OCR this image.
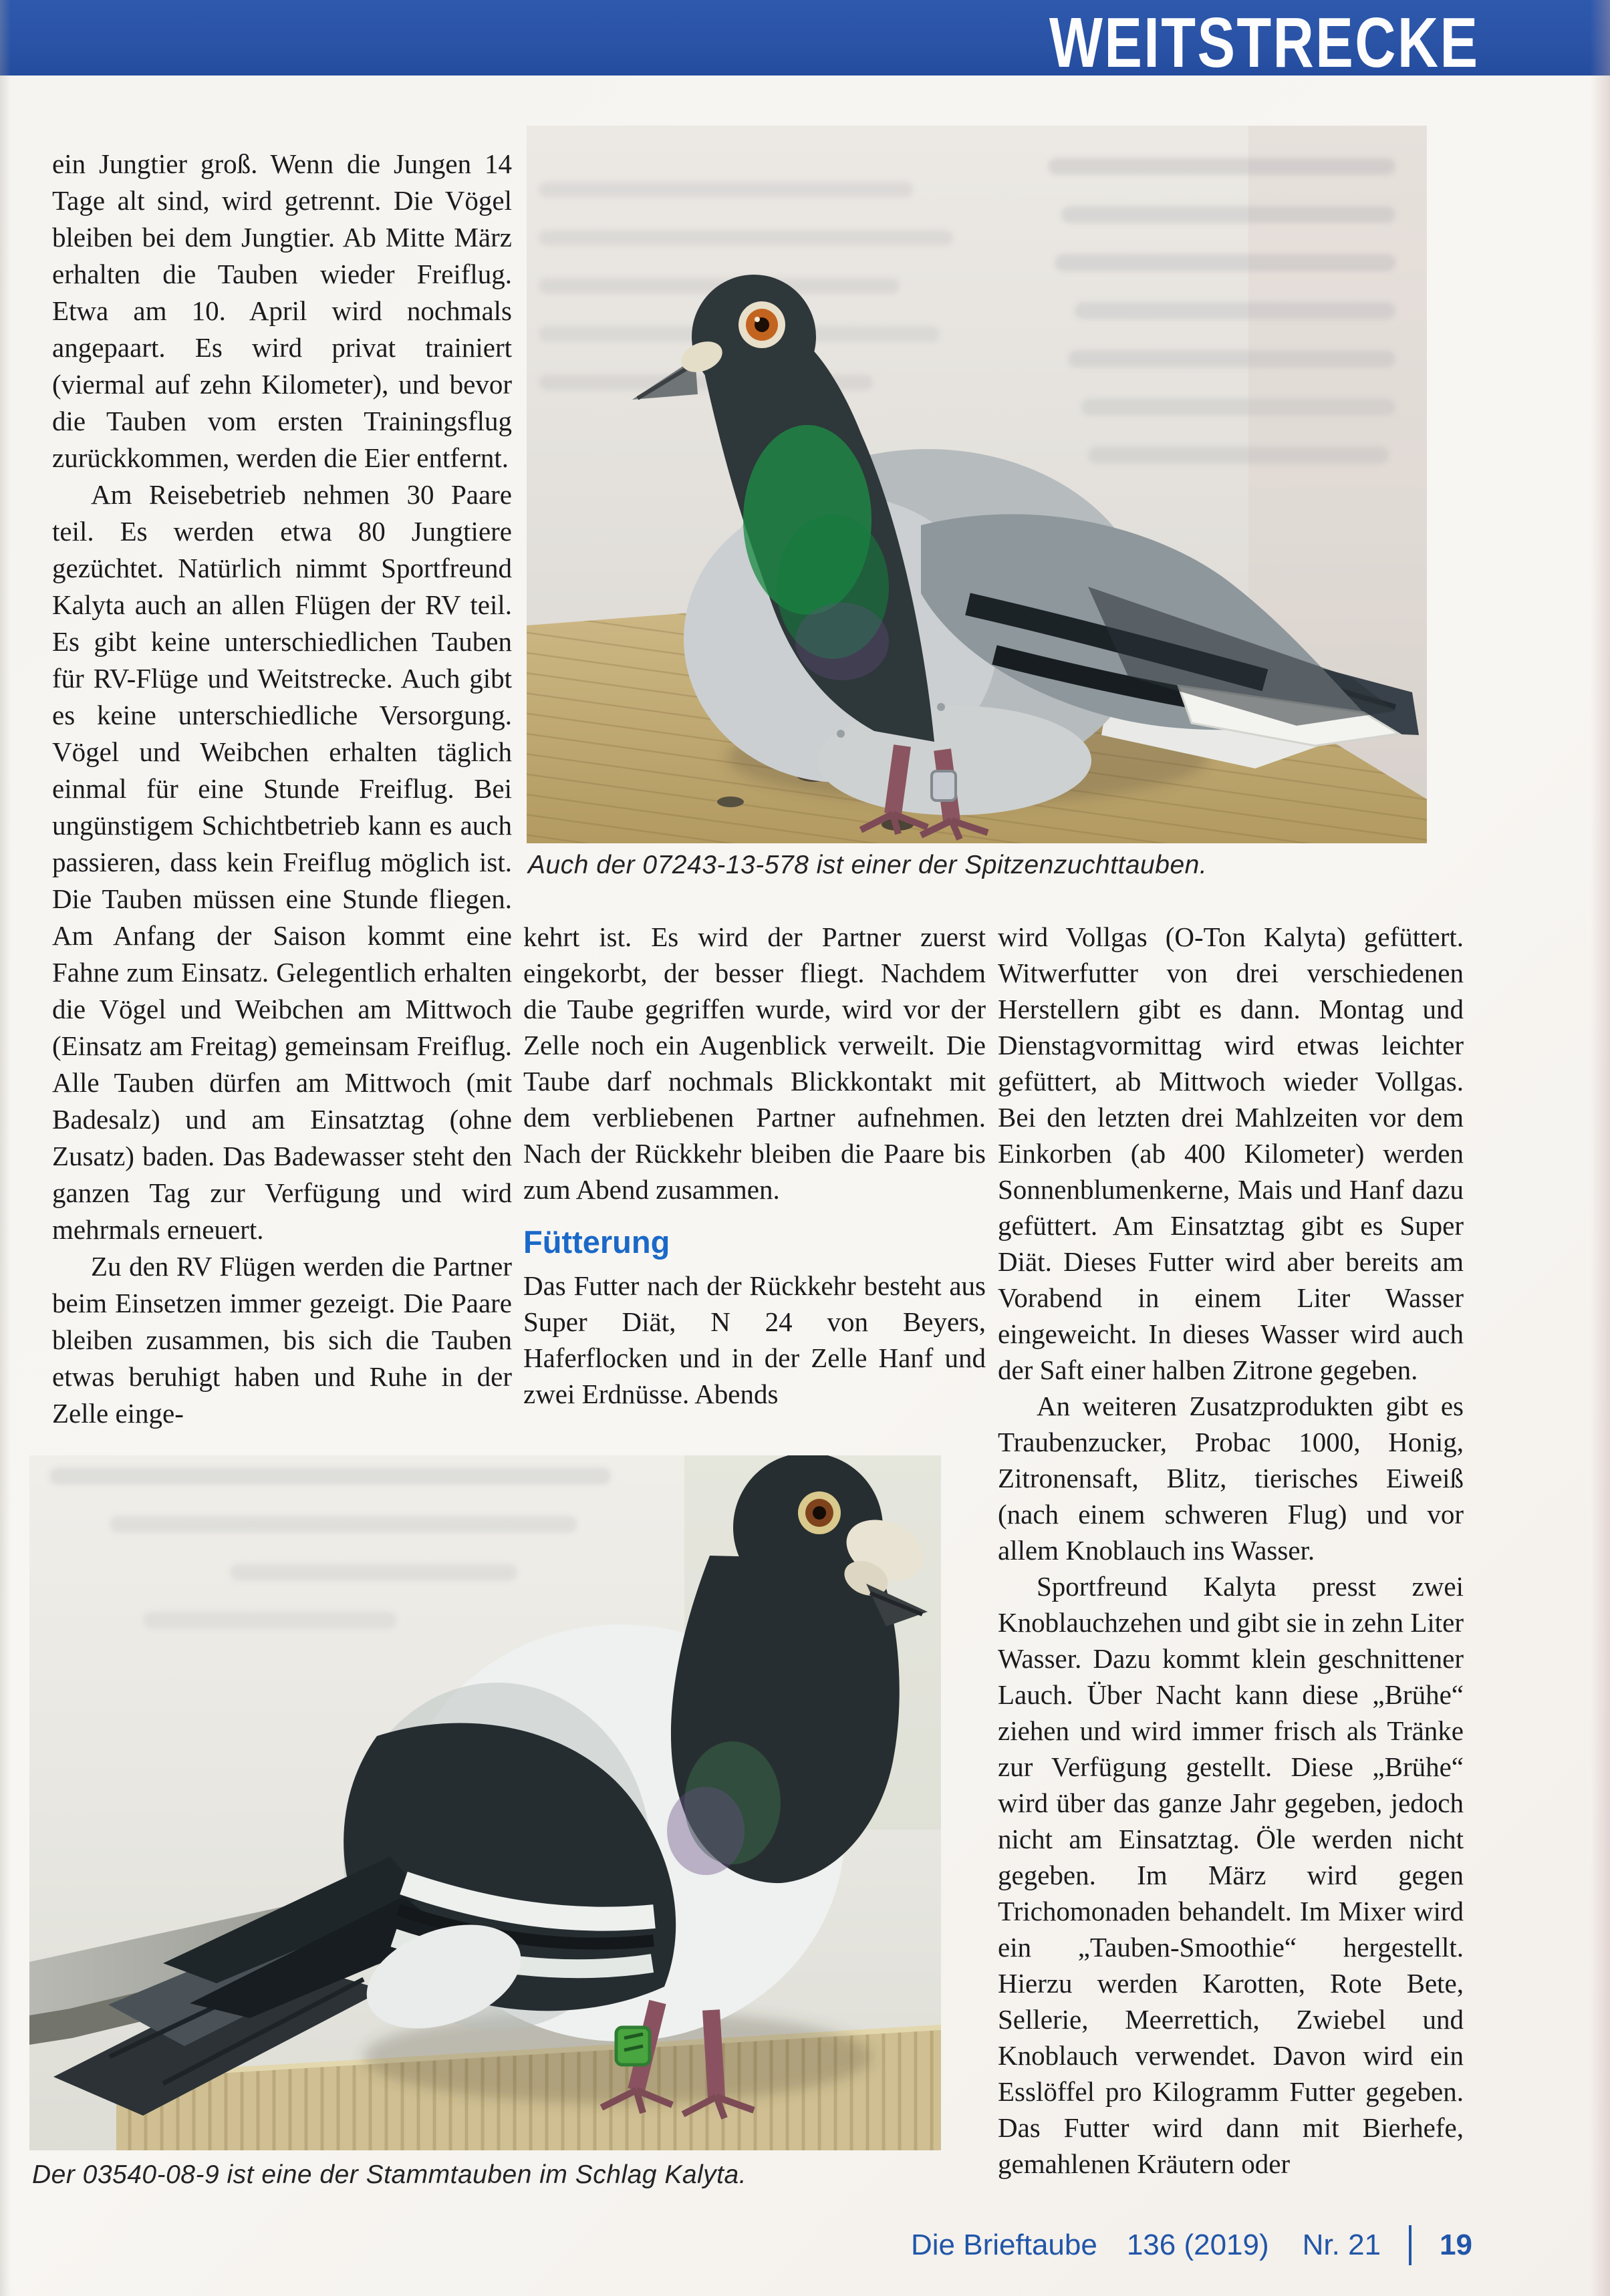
WEITSTRECKE
Auch der 07243-13-578 ist einer der Spitzenzuchttauben.
Der 03540-08-9 ist eine der Stammtauben im Schlag Kalyta.

ein Jungtier groß. Wenn die Jungen 14 Tage alt sind, wird getrennt. Die Vögel bleiben bei dem Jungtier. Ab Mitte März erhalten die Tauben wieder Freiflug. Etwa am 10. April wird nochmals angepaart. Es wird privat trainiert (viermal auf zehn Kilometer), und bevor die Tauben vom ersten Trainingsflug zurückkommen, werden die Eier entfernt.

Am Reisebetrieb nehmen 30 Paare teil. Es werden etwa 80 Jungtiere gezüchtet. Natürlich nimmt Sportfreund Kalyta auch an allen Flügen der RV teil. Es gibt keine unterschiedlichen Tauben für RV-Flüge und Weitstrecke. Auch gibt es keine unterschiedliche Versorgung. Vögel und Weibchen erhalten täglich einmal für eine Stunde Freiflug. Bei ungünstigem Schichtbetrieb kann es auch passieren, dass kein Freiflug möglich ist. Die Tauben müssen eine Stunde fliegen. Am Anfang der Saison kommt eine Fahne zum Einsatz. Gelegentlich erhalten die Vögel und Weibchen am Mittwoch (Einsatz am Freitag) gemeinsam Freiflug. Alle Tauben dürfen am Mittwoch (mit Badesalz) und am Einsatztag (ohne Zusatz) baden. Das Badewasser steht den ganzen Tag zur Verfügung und wird mehrmals erneuert.

Zu den RV Flügen werden die Partner beim Einsetzen immer gezeigt. Die Paare bleiben zusammen, bis sich die Tauben etwas beruhigt haben und Ruhe in der Zelle einge-

kehrt ist. Es wird der Partner zuerst eingekorbt, der besser fliegt. Nachdem die Taube gegriffen wurde, wird vor der Zelle noch ein Augenblick verweilt. Die Taube darf nochmals Blickkontakt mit dem verbliebenen Partner aufnehmen. Nach der Rückkehr bleiben die Paare bis zum Abend zusammen.

Fütterung

Das Futter nach der Rückkehr besteht aus Super Diät, N 24 von Beyers, Haferflocken und in der Zelle Hanf und zwei Erdnüsse. Abends

wird Vollgas (O-Ton Kalyta) gefüttert. Witwerfutter von drei verschiedenen Herstellern gibt es dann. Montag und Dienstagvormittag wird etwas leichter gefüttert, ab Mittwoch wieder Vollgas. Bei den letzten drei Mahlzeiten vor dem Einkorben (ab 400 Kilometer) werden Sonnenblumenkerne, Mais und Hanf dazu gefüttert. Am Einsatztag gibt es Super Diät. Dieses Futter wird aber bereits am Vorabend in einem Liter Wasser eingeweicht. In dieses Wasser wird auch der Saft einer halben Zitrone gegeben.

An weiteren Zusatzprodukten gibt es Traubenzucker, Probac 1000, Honig, Zitronensaft, Blitz, tierisches Eiweiß (nach einem schweren Flug) und vor allem Knoblauch ins Wasser.

Sportfreund Kalyta presst zwei Knoblauchzehen und gibt sie in zehn Liter Wasser. Dazu kommt klein geschnittener Lauch. Über Nacht kann diese „Brühe“ ziehen und wird immer frisch als Tränke zur Verfügung gestellt. Diese „Brühe“ wird über das ganze Jahr gegeben, jedoch nicht am Einsatztag. Öle werden nicht gegeben. Im März wird gegen Trichomonaden behandelt. Im Mixer wird ein „Tauben-Smoothie“ hergestellt. Hierzu werden Karotten, Rote Bete, Sellerie, Meerrettich, Zwiebel und Knoblauch verwendet. Davon wird ein Esslöffel pro Kilogramm Futter gegeben. Das Futter wird dann mit Bierhefe, gemahlenen Kräutern oder

Die Brieftaube 136 (2019) Nr. 21 19
